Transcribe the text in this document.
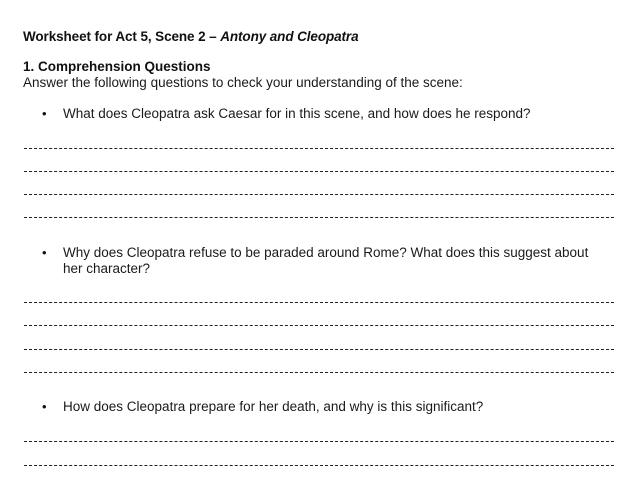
Worksheet for Act 5, Scene 2 – Antony and Cleopatra
1. Comprehension Questions
Answer the following questions to check your understanding of the scene:
• What does Cleopatra ask Caesar for in this scene, and how does he respond?
• Why does Cleopatra refuse to be paraded around Rome? What does this suggest about her character?
• How does Cleopatra prepare for her death, and why is this significant?
